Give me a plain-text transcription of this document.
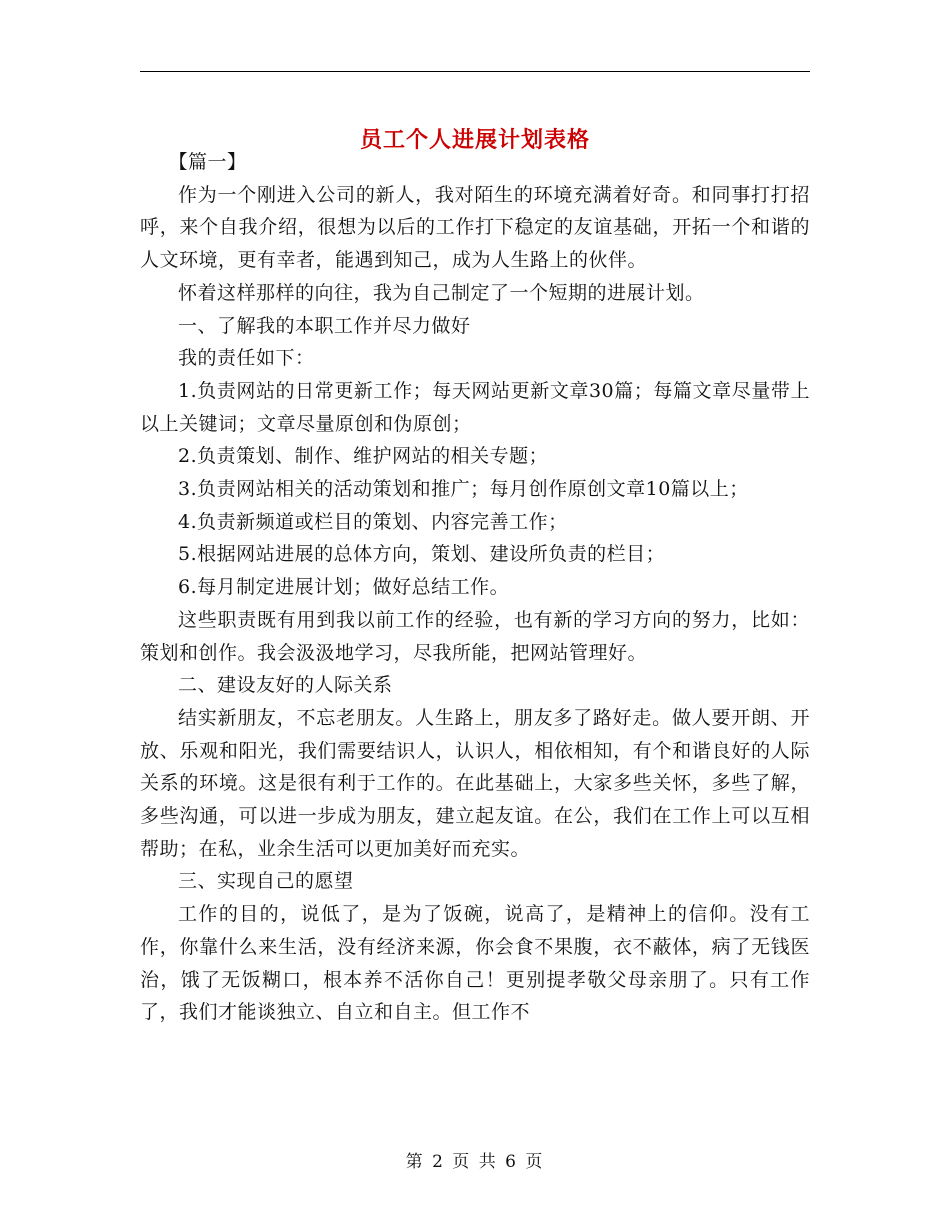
员工个人进展计划表格

【篇一】

作为一个刚进入公司的新人，我对陌生的环境充满着好奇。和同事打打招呼，来个自我介绍，很想为以后的工作打下稳定的友谊基础，开拓一个和谐的人文环境，更有幸者，能遇到知己，成为人生路上的伙伴。

怀着这样那样的向往，我为自己制定了一个短期的进展计划。

一、了解我的本职工作并尽力做好

我的责任如下：

1.负责网站的日常更新工作；每天网站更新文章30篇；每篇文章尽量带上以上关键词；文章尽量原创和伪原创；

2.负责策划、制作、维护网站的相关专题；

3.负责网站相关的活动策划和推广；每月创作原创文章10篇以上；

4.负责新频道或栏目的策划、内容完善工作；

5.根据网站进展的总体方向，策划、建设所负责的栏目；

6.每月制定进展计划；做好总结工作。

这些职责既有用到我以前工作的经验，也有新的学习方向的努力，比如：策划和创作。我会汲汲地学习，尽我所能，把网站管理好。

二、建设友好的人际关系

结实新朋友，不忘老朋友。人生路上，朋友多了路好走。做人要开朗、开放、乐观和阳光，我们需要结识人，认识人，相依相知，有个和谐良好的人际关系的环境。这是很有利于工作的。在此基础上，大家多些关怀，多些了解，多些沟通，可以进一步成为朋友，建立起友谊。在公，我们在工作上可以互相帮助；在私，业余生活可以更加美好而充实。

三、实现自己的愿望

工作的目的，说低了，是为了饭碗，说高了，是精神上的信仰。没有工作，你靠什么来生活，没有经济来源，你会食不果腹，衣不蔽体，病了无钱医治，饿了无饭糊口，根本养不活你自己！更别提孝敬父母亲朋了。只有工作了，我们才能谈独立、自立和自主。但工作不

第 2 页 共 6 页
